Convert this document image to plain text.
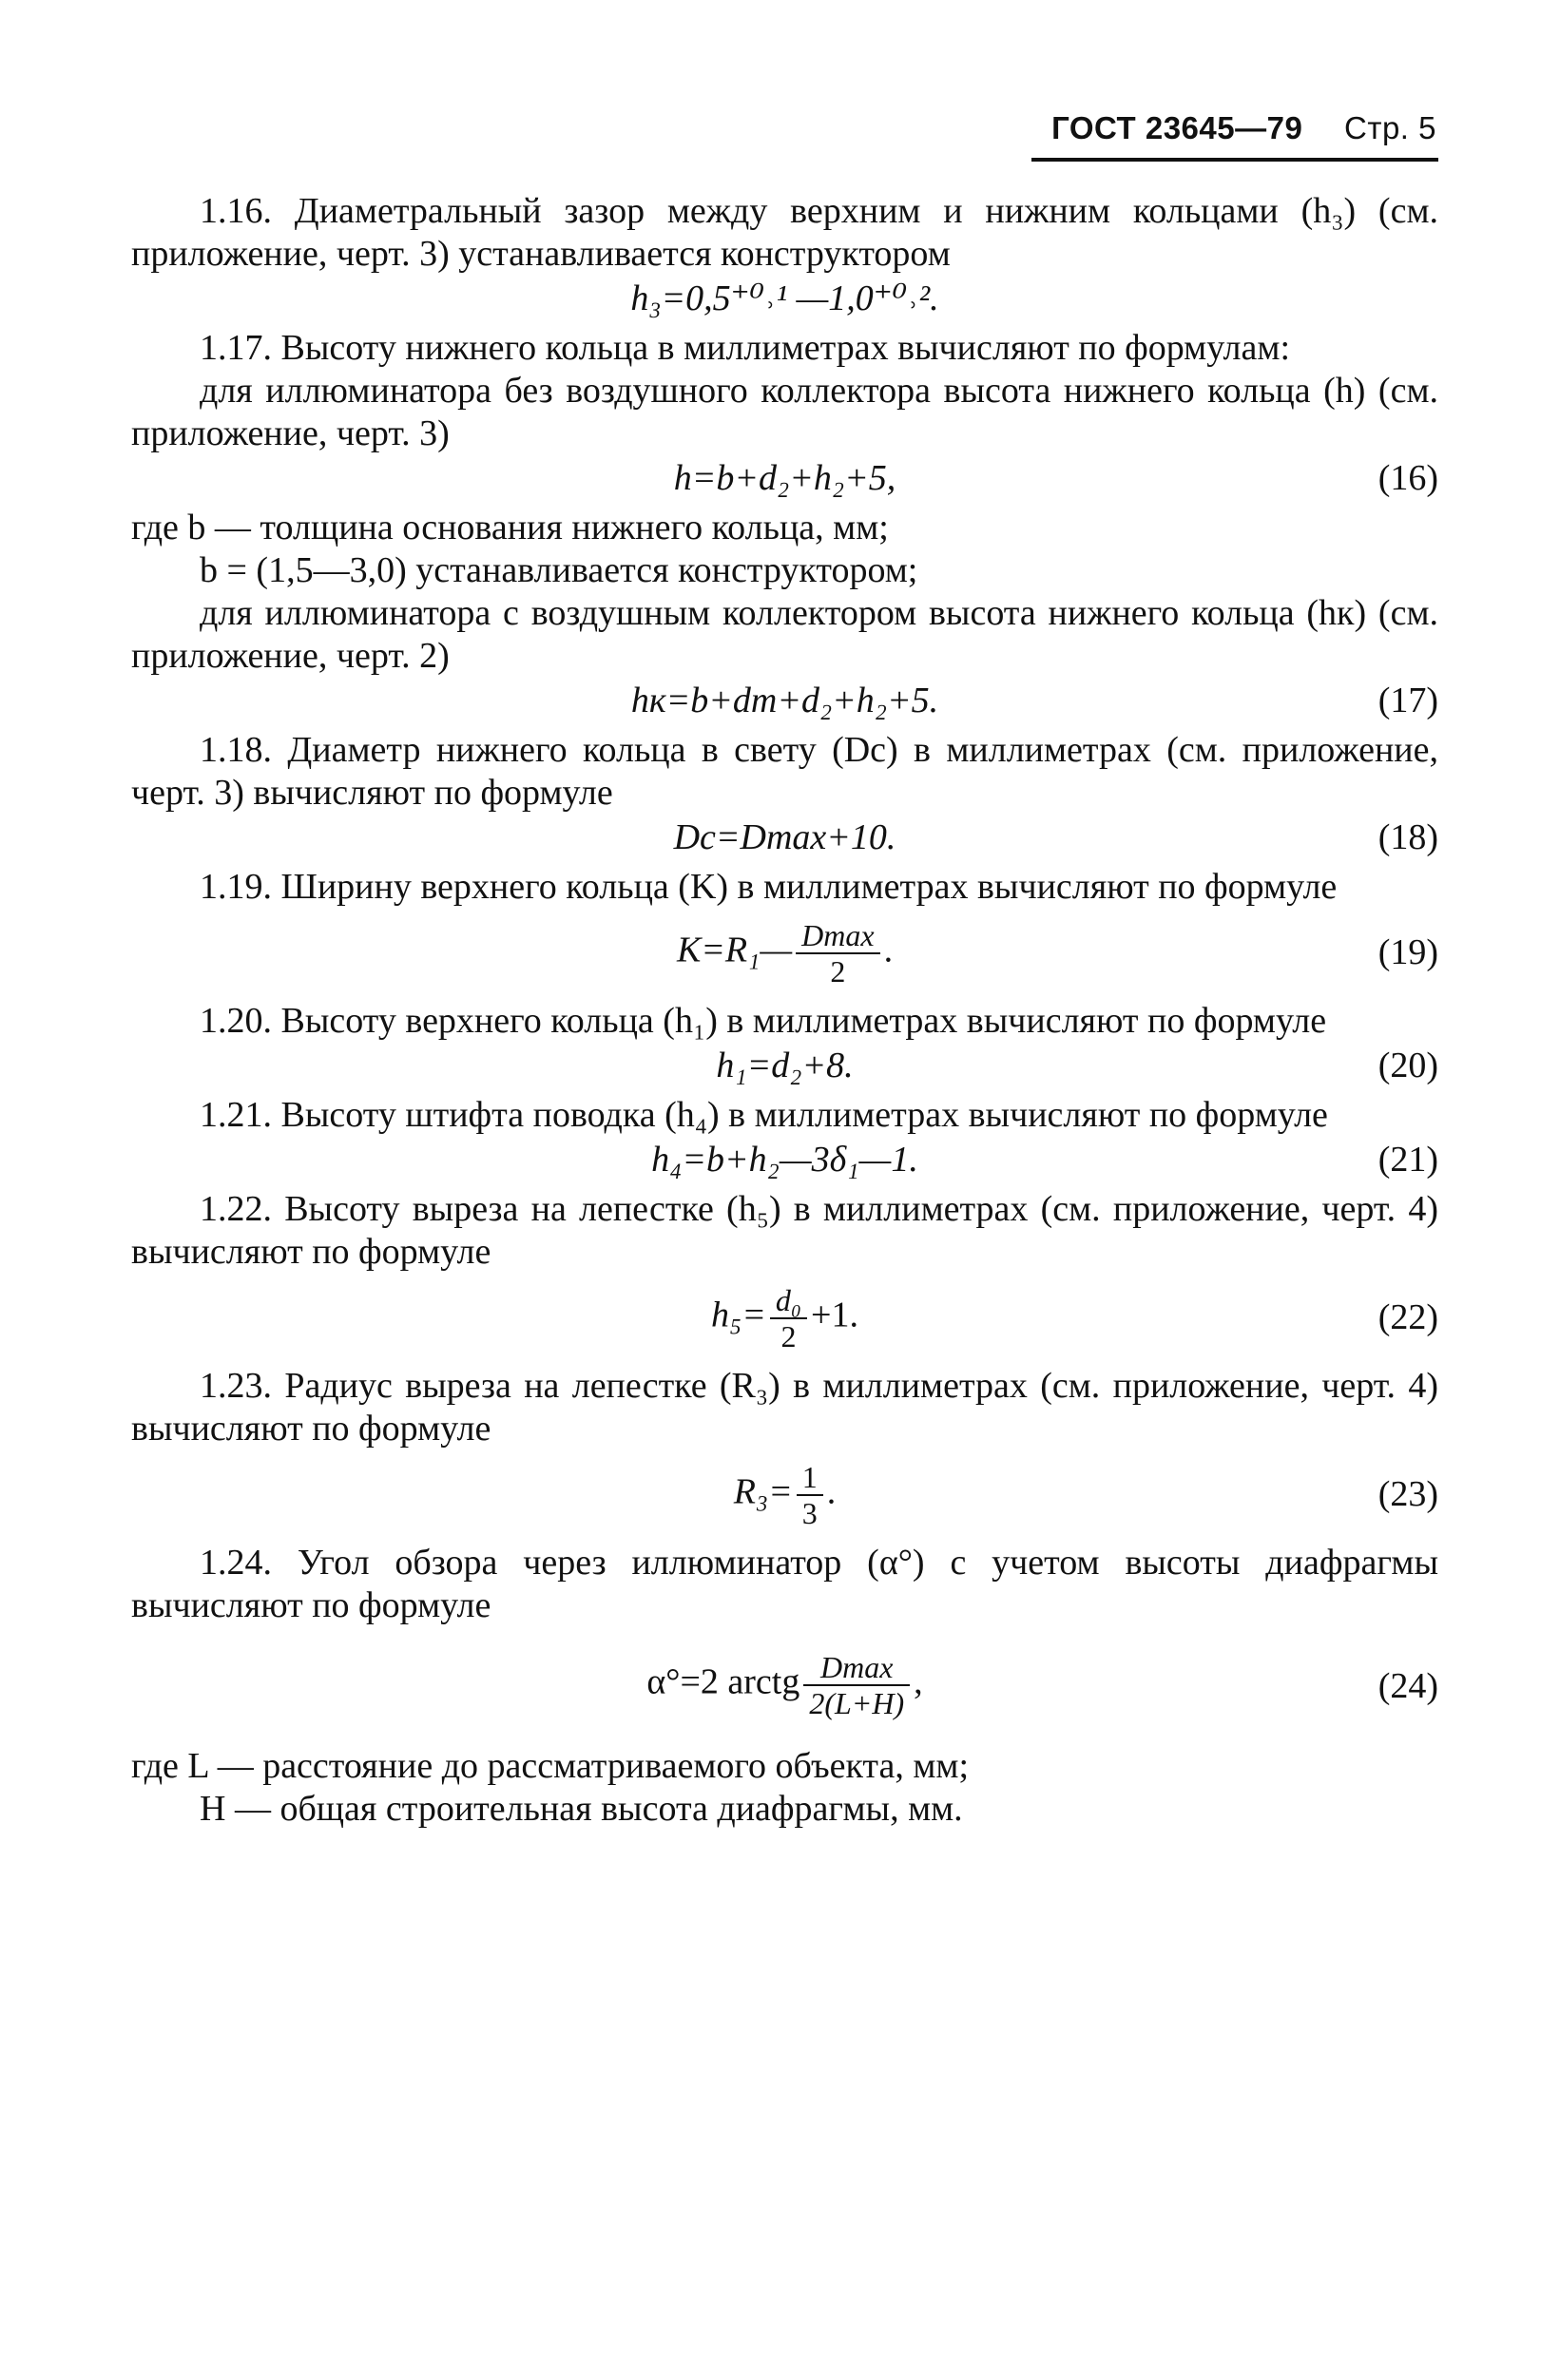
ГОСТ 23645—79 Стр. 5

1.16. Диаметральный зазор между верхним и нижним кольцами (h₃) (см. приложение, черт. 3) устанавливается конструктором

h₃=0,5⁺⁰˒¹ —1,0⁺⁰˒².

1.17. Высоту нижнего кольца в миллиметрах вычисляют по формулам:

для иллюминатора без воздушного коллектора высота нижнего кольца (h) (см. приложение, черт. 3)

h=b+d₂+h₂+5,	(16)

где b — толщина основания нижнего кольца, мм;

b = (1,5—3,0) устанавливается конструктором;

для иллюминатора с воздушным коллектором высота нижнего кольца (hк) (см. приложение, черт. 2)

hк=b+dт+d₂+h₂+5.	(17)

1.18. Диаметр нижнего кольца в свету (Dс) в миллиметрах (см. приложение, черт. 3) вычисляют по формуле

Dс=Dmax+10.	(18)

1.19. Ширину верхнего кольца (K) в миллиметрах вычисляют по формуле

K=R₁— $\frac{Dmax}{2}$ .	(19)

1.20. Высоту верхнего кольца (h₁) в миллиметрах вычисляют по формуле

h₁=d₂+8.	(20)

1.21. Высоту штифта поводка (h₄) в миллиметрах вычисляют по формуле

h₄=b+h₂—3δ₁—1.	(21)

1.22. Высоту выреза на лепестке (h₅) в миллиметрах (см. приложение, черт. 4) вычисляют по формуле

$h_5= \frac{\text{d₀}}{2} +1$.	(22)

1.23. Радиус выреза на лепестке (R₃) в миллиметрах (см. приложение, черт. 4) вычисляют по формуле

$R_3= \frac{1}{3}$ .	(23)

1.24. Угол обзора через иллюминатор (α°) с учетом высоты диафрагмы вычисляют по формуле

α°=2 arctg $\frac{Dmax}{2(L+H)}$ ,	(24)

где L — расстояние до рассматриваемого объекта, мм;

H — общая строительная высота диафрагмы, мм.
